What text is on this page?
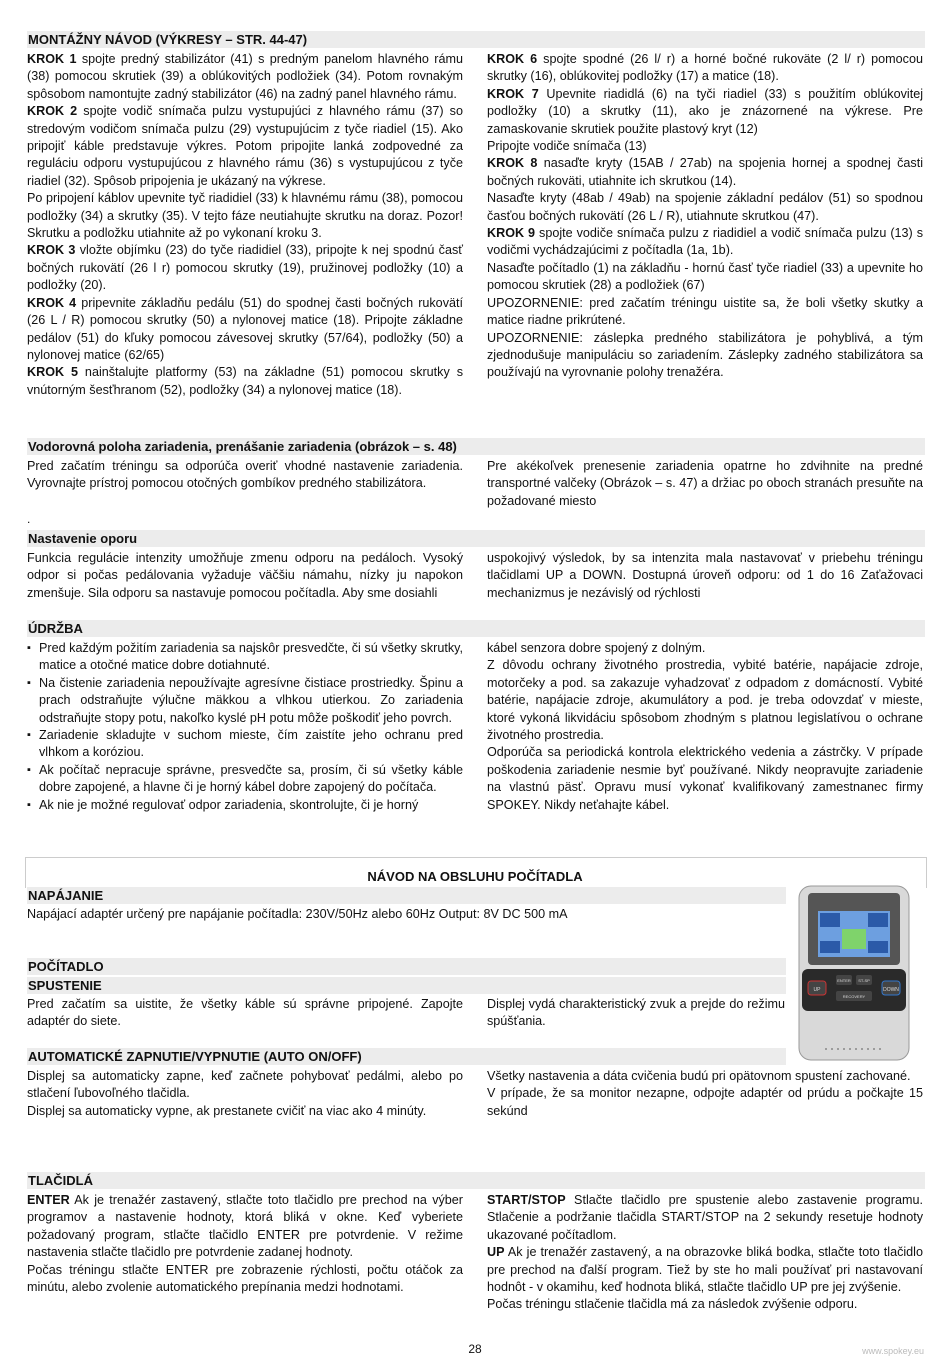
MONTÁŽNY NÁVOD (VÝKRESY – STR. 44-47)

KROK 1 spojte predný stabilizátor (41) s predným panelom hlavného rámu (38) pomocou skrutiek (39) a oblúkovitých podložiek (34). Potom rovnakým spôsobom namontujte zadný stabilizátor (46) na zadný panel hlavného rámu.

KROK 2 spojte vodič snímača pulzu vystupujúci z hlavného rámu (37) so stredovým vodičom snímača pulzu (29) vystupujúcim z tyče riadiel (15). Ako pripojiť káble predstavuje výkres. Potom pripojite lanká zodpovedné za reguláciu odporu vystupujúcou z hlavného rámu (36) s vystupujúcou z tyče riadiel (32). Spôsob pripojenia je ukázaný na výkrese.

Po pripojení káblov upevnite tyč riadidiel (33) k hlavnému rámu (38), pomocou podložky (34) a skrutky (35). V tejto fáze neutiahujte skrutku na doraz. Pozor! Skrutku a podložku utiahnite až po vykonaní kroku 3.

KROK 3 vložte objímku (23) do tyče riadidiel (33), pripojte k nej spodnú časť bočných rukovätí (26 l r) pomocou skrutky (19), pružinovej podložky (10) a podložky (20).

KROK 4 pripevnite základňu pedálu (51) do spodnej časti bočných rukovätí (26 L / R) pomocou skrutky (50) a nylonovej matice (18). Pripojte základne pedálov (51) do kľuky pomocou závesovej skrutky (57/64), podložky (50) a nylonovej matice (62/65)

KROK 5 nainštalujte platformy (53) na základne (51) pomocou skrutky s vnútorným šesťhranom (52), podložky (34) a nylonovej matice (18).

KROK 6 spojte spodné (26 l/ r) a horné bočné rukoväte (2 l/ r) pomocou skrutky (16), oblúkovitej podložky (17) a matice (18).

KROK 7 Upevnite riadidlá (6) na tyči riadiel (33) s použitím oblúkovitej podložky (10) a skrutky (11), ako je znázornené na výkrese. Pre zamaskovanie skrutiek použite plastový kryt (12)

Pripojte vodiče snímača (13)

KROK 8 nasaďte kryty (15AB / 27ab) na spojenia hornej a spodnej časti bočných rukoväti, utiahnite ich skrutkou (14).

Nasaďte kryty (48ab / 49ab) na spojenie základní pedálov (51) so spodnou časťou bočných rukovätí (26 L / R), utiahnute skrutkou (47).

KROK 9 spojte vodiče snímača pulzu z riadidiel a vodič snímača pulzu (13) s vodičmi vychádzajúcimi z počítadla (1a, 1b).

Nasaďte počítadlo (1) na základňu - hornú časť tyče riadiel (33) a upevnite ho pomocou skrutiek (28) a podložiek (67)

UPOZORNENIE: pred začatím tréningu uistite sa, že boli všetky skutky a matice riadne prikrútené.

UPOZORNENIE: záslepka predného stabilizátora je pohyblivá, a tým zjednodušuje manipuláciu so zariadením. Záslepky zadného stabilizátora sa používajú na vyrovnanie polohy trenažéra.

Vodorovná poloha zariadenia, prenášanie zariadenia (obrázok – s. 48)
Pred začatím tréningu sa odporúča overiť vhodné nastavenie zariadenia. Vyrovnajte prístroj pomocou otočných gombíkov predného stabilizátora.
Pre akékoľvek prenesenie zariadenia opatrne ho zdvihnite na predné transportné valčeky (Obrázok – s. 47) a držiac po oboch stranách presuňte na požadované miesto
.
Nastavenie oporu
Funkcia regulácie intenzity umožňuje zmenu odporu na pedáloch. Vysoký odpor si počas pedálovania vyžaduje väčšiu námahu, nízky ju napokon zmenšuje. Sila odporu sa nastavuje pomocou počítadla. Aby sme dosiahli
uspokojivý výsledok, by sa intenzita mala nastavovať v priebehu tréningu tlačidlami UP a DOWN. Dostupná úroveň odporu: od 1 do 16 Zaťažovaci mechanizmus je nezávislý od rýchlosti
ÚDRŽBA
▪ Pred každým požitím zariadenia sa najskôr presvedčte, či sú všetky skrutky, matice a otočné matice dobre dotiahnuté.
▪ Na čistenie zariadenia nepoužívajte agresívne čistiace prostriedky. Špinu a prach odstraňujte výlučne mäkkou a vlhkou utierkou. Zo zariadenia odstraňujte stopy potu, nakoľko kyslé pH potu môže poškodiť jeho povrch.
▪ Zariadenie skladujte v suchom mieste, čím zaistíte jeho ochranu pred vlhkom a koróziou.
▪ Ak počítač nepracuje správne, presvedčte sa, prosím, či sú všetky káble dobre zapojené, a hlavne či je horný kábel dobre zapojený do počítača.
▪ Ak nie je možné regulovať odpor zariadenia, skontrolujte, či je horný

kábel senzora dobre spojený z dolným.

Z dôvodu ochrany životného prostredia, vybité batérie, napájacie zdroje, motorčeky a pod. sa zakazuje vyhadzovať z odpadom z domácností. Vybité batérie, napájacie zdroje, akumulátory a pod. je treba odovzdať v mieste, ktoré vykoná likvidáciu spôsobom zhodným s platnou legislatívou o ochrane životného prostredia.

Odporúča sa periodická kontrola elektrického vedenia a zástrčky. V prípade poškodenia zariadenie nesmie byť používané. Nikdy neopravujte zariadenie na vlastnú päsť. Opravu musí vykonať kvalifikovaný zamestnanec firmy SPOKEY. Nikdy neťahajte kábel.

NÁVOD NA OBSLUHU POČÍTADLA
NAPÁJANIE
Napájací adaptér určený pre napájanie počítadla: 230V/50Hz alebo 60Hz Output: 8V DC 500 mA
POČÍTADLO
SPUSTENIE
Pred začatím sa uistite, že všetky káble sú správne pripojené. Zapojte adaptér do siete.
Displej vydá charakteristický zvuk a prejde do režimu spúšťania.
AUTOMATICKÉ ZAPNUTIE/VYPNUTIE (AUTO ON/OFF)

Displej sa automaticky zapne, keď začnete pohybovať pedálmi, alebo po stlačení ľubovoľného tlačidla.

Displej sa automaticky vypne, ak prestanete cvičiť na viac ako 4 minúty.

Všetky nastavenia a dáta cvičenia budú pri opätovnom spustení zachované.

V prípade, že sa monitor nezapne, odpojte adaptér od prúdu a počkajte 15 sekúnd

UP	DOWN
ENTER ST-SP
RECOVERY
TLAČIDLÁ

ENTER Ak je trenažér zastavený, stlačte toto tlačidlo pre prechod na výber programov a nastavenie hodnoty, ktorá bliká v okne. Keď vyberiete požadovaný program, stlačte tlačidlo ENTER pre potvrdenie. V režime nastavenia stlačte tlačidlo pre potvrdenie zadanej hodnoty.

Počas tréningu stlačte ENTER pre zobrazenie rýchlosti, počtu otáčok za minútu, alebo zvolenie automatického prepínania medzi hodnotami.

START/STOP Stlačte tlačidlo pre spustenie alebo zastavenie programu. Stlačenie a podržanie tlačidla START/STOP na 2 sekundy resetuje hodnoty ukazované počítadlom.

UP Ak je trenažér zastavený, a na obrazovke bliká bodka, stlačte toto tlačidlo pre prechod na ďalší program. Tiež by ste ho mali používať pri nastavovaní hodnôt - v okamihu, keď hodnota bliká, stlačte tlačidlo UP pre jej zvýšenie.

Počas tréningu stlačenie tlačidla má za následok zvýšenie odporu.

28	www.spokey.eu
